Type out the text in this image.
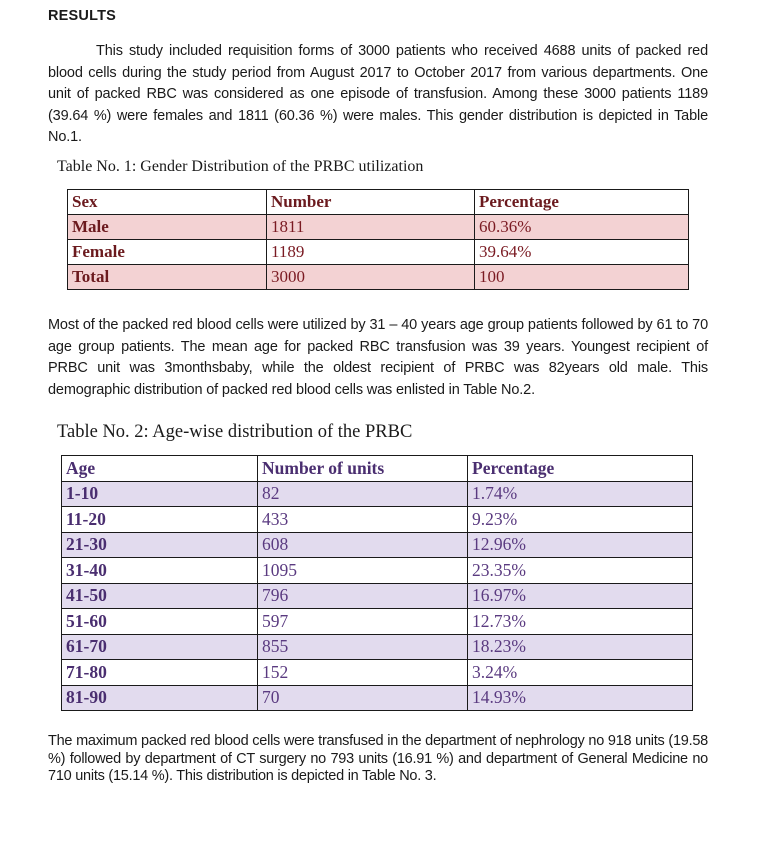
RESULTS
This study included requisition forms of 3000 patients who received 4688 units of packed red blood cells during the study period from August 2017 to October 2017 from various departments. One unit of packed RBC was considered as one episode of transfusion. Among these 3000 patients 1189 (39.64 %) were females and 1811 (60.36 %) were males. This gender distribution is depicted in Table No.1.
Table No. 1: Gender Distribution of the PRBC utilization
Sex	Number	Percentage
Male	1811	60.36%
Female	1189	39.64%
Total	3000	100
Most of the packed red blood cells were utilized by 31 – 40 years age group patients followed by 61 to 70 age group patients. The mean age for packed RBC transfusion was 39 years. Youngest recipient of PRBC unit was 3monthsbaby, while the oldest recipient of PRBC was 82years old male. This demographic distribution of packed red blood cells was enlisted in Table No.2.
Table No. 2: Age-wise distribution of the PRBC
Age	Number of units	Percentage
1-10	82	1.74%
11-20	433	9.23%
21-30	608	12.96%
31-40	1095	23.35%
41-50	796	16.97%
51-60	597	12.73%
61-70	855	18.23%
71-80	152	3.24%
81-90	70	14.93%
The maximum packed red blood cells were transfused in the department of nephrology no 918 units (19.58 %) followed by department of CT surgery no 793 units (16.91 %) and department of General Medicine no 710 units (15.14 %). This distribution is depicted in Table No. 3.
